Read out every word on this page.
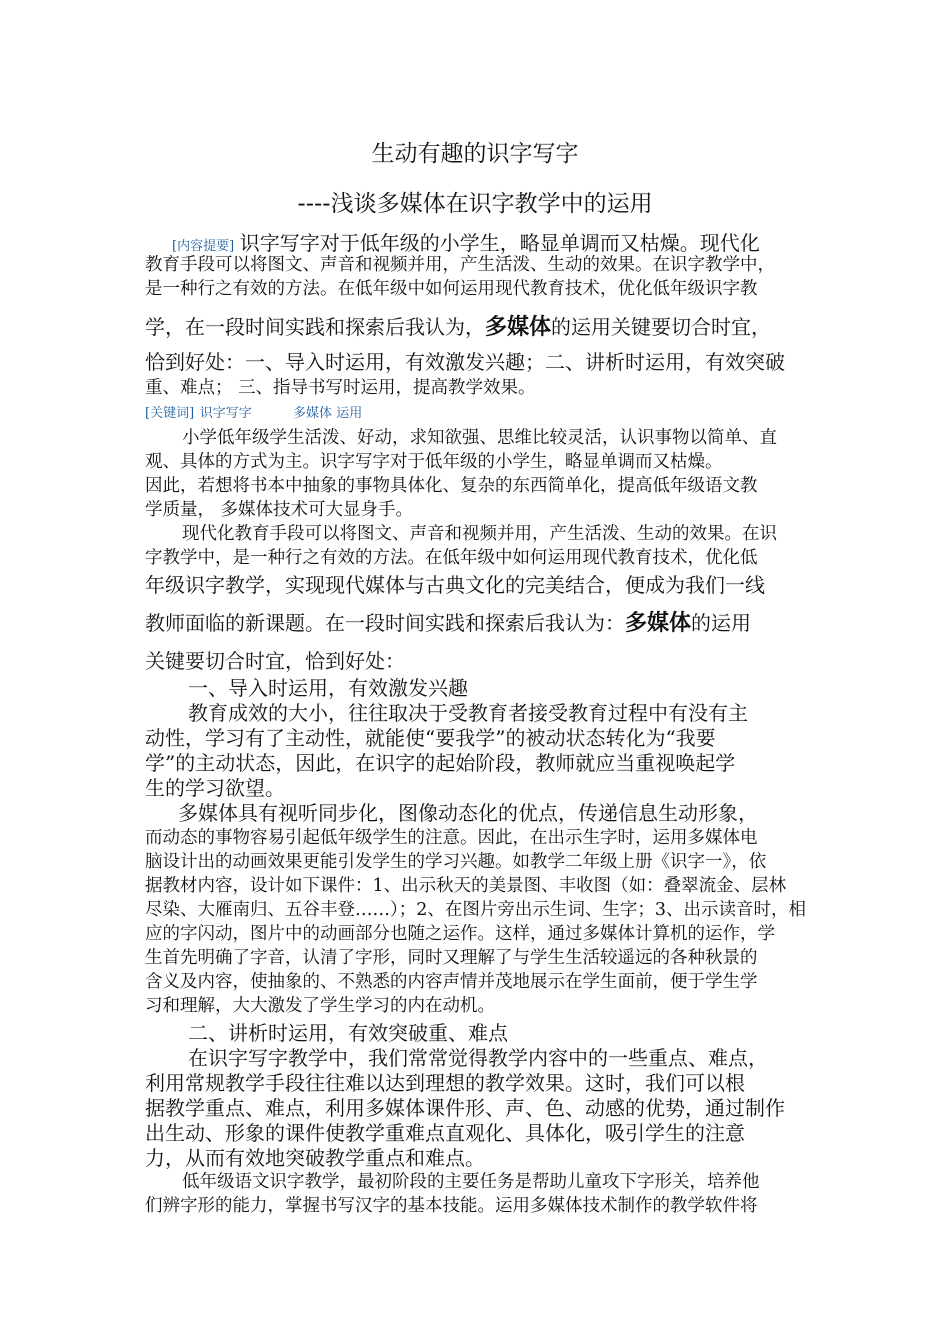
生动有趣的识字写字
----浅谈多媒体在识字教学中的运用
[内容提要] 识字写字对于低年级的小学生，略显单调而又枯燥。现代化
教育手段可以将图文、声音和视频并用，产生活泼、生动的效果。在识字教学中，
是一种行之有效的方法。在低年级中如何运用现代教育技术，优化低年级识字教
学，在一段时间实践和探索后我认为，多媒体的运用关键要切合时宜，
恰到好处：一、导入时运用，有效激发兴趣；二、讲析时运用，有效突破
重、难点； 三、指导书写时运用，提高教学效果。
[关键词] 识字写字          多媒体 运用
小学低年级学生活泼、好动，求知欲强、思维比较灵活，认识事物以简单、直
观、具体的方式为主。识字写字对于低年级的小学生，略显单调而又枯燥。
因此，若想将书本中抽象的事物具体化、复杂的东西简单化，提高低年级语文教
学质量， 多媒体技术可大显身手。
现代化教育手段可以将图文、声音和视频并用，产生活泼、生动的效果。在识
字教学中，是一种行之有效的方法。在低年级中如何运用现代教育技术，优化低
年级识字教学，实现现代媒体与古典文化的完美结合，便成为我们一线
教师面临的新课题。在一段时间实践和探索后我认为：多媒体的运用
关键要切合时宜，恰到好处：
一、导入时运用，有效激发兴趣
教育成效的大小，往往取决于受教育者接受教育过程中有没有主
动性，学习有了主动性，就能使“要我学”的被动状态转化为“我要
学”的主动状态，因此，在识字的起始阶段，教师就应当重视唤起学
生的学习欲望。
多媒体具有视听同步化，图像动态化的优点，传递信息生动形象，
而动态的事物容易引起低年级学生的注意。因此，在出示生字时，运用多媒体电
脑设计出的动画效果更能引发学生的学习兴趣。如教学二年级上册《识字一》，依
据教材内容，设计如下课件：1、出示秋天的美景图、丰收图（如：叠翠流金、层林
尽染、大雁南归、五谷丰登……）；2、在图片旁出示生词、生字；3、出示读音时，相
应的字闪动，图片中的动画部分也随之运作。这样，通过多媒体计算机的运作，学
生首先明确了字音，认清了字形，同时又理解了与学生生活较遥远的各种秋景的
含义及内容，使抽象的、不熟悉的内容声情并茂地展示在学生面前，便于学生学
习和理解，大大激发了学生学习的内在动机。
二、讲析时运用，有效突破重、难点
在识字写字教学中，我们常常觉得教学内容中的一些重点、难点，
利用常规教学手段往往难以达到理想的教学效果。这时，我们可以根
据教学重点、难点，利用多媒体课件形、声、色、动感的优势，通过制作
出生动、形象的课件使教学重难点直观化、具体化，吸引学生的注意
力，从而有效地突破教学重点和难点。
低年级语文识字教学，最初阶段的主要任务是帮助儿童攻下字形关，培养他
们辨字形的能力，掌握书写汉字的基本技能。运用多媒体技术制作的教学软件将
